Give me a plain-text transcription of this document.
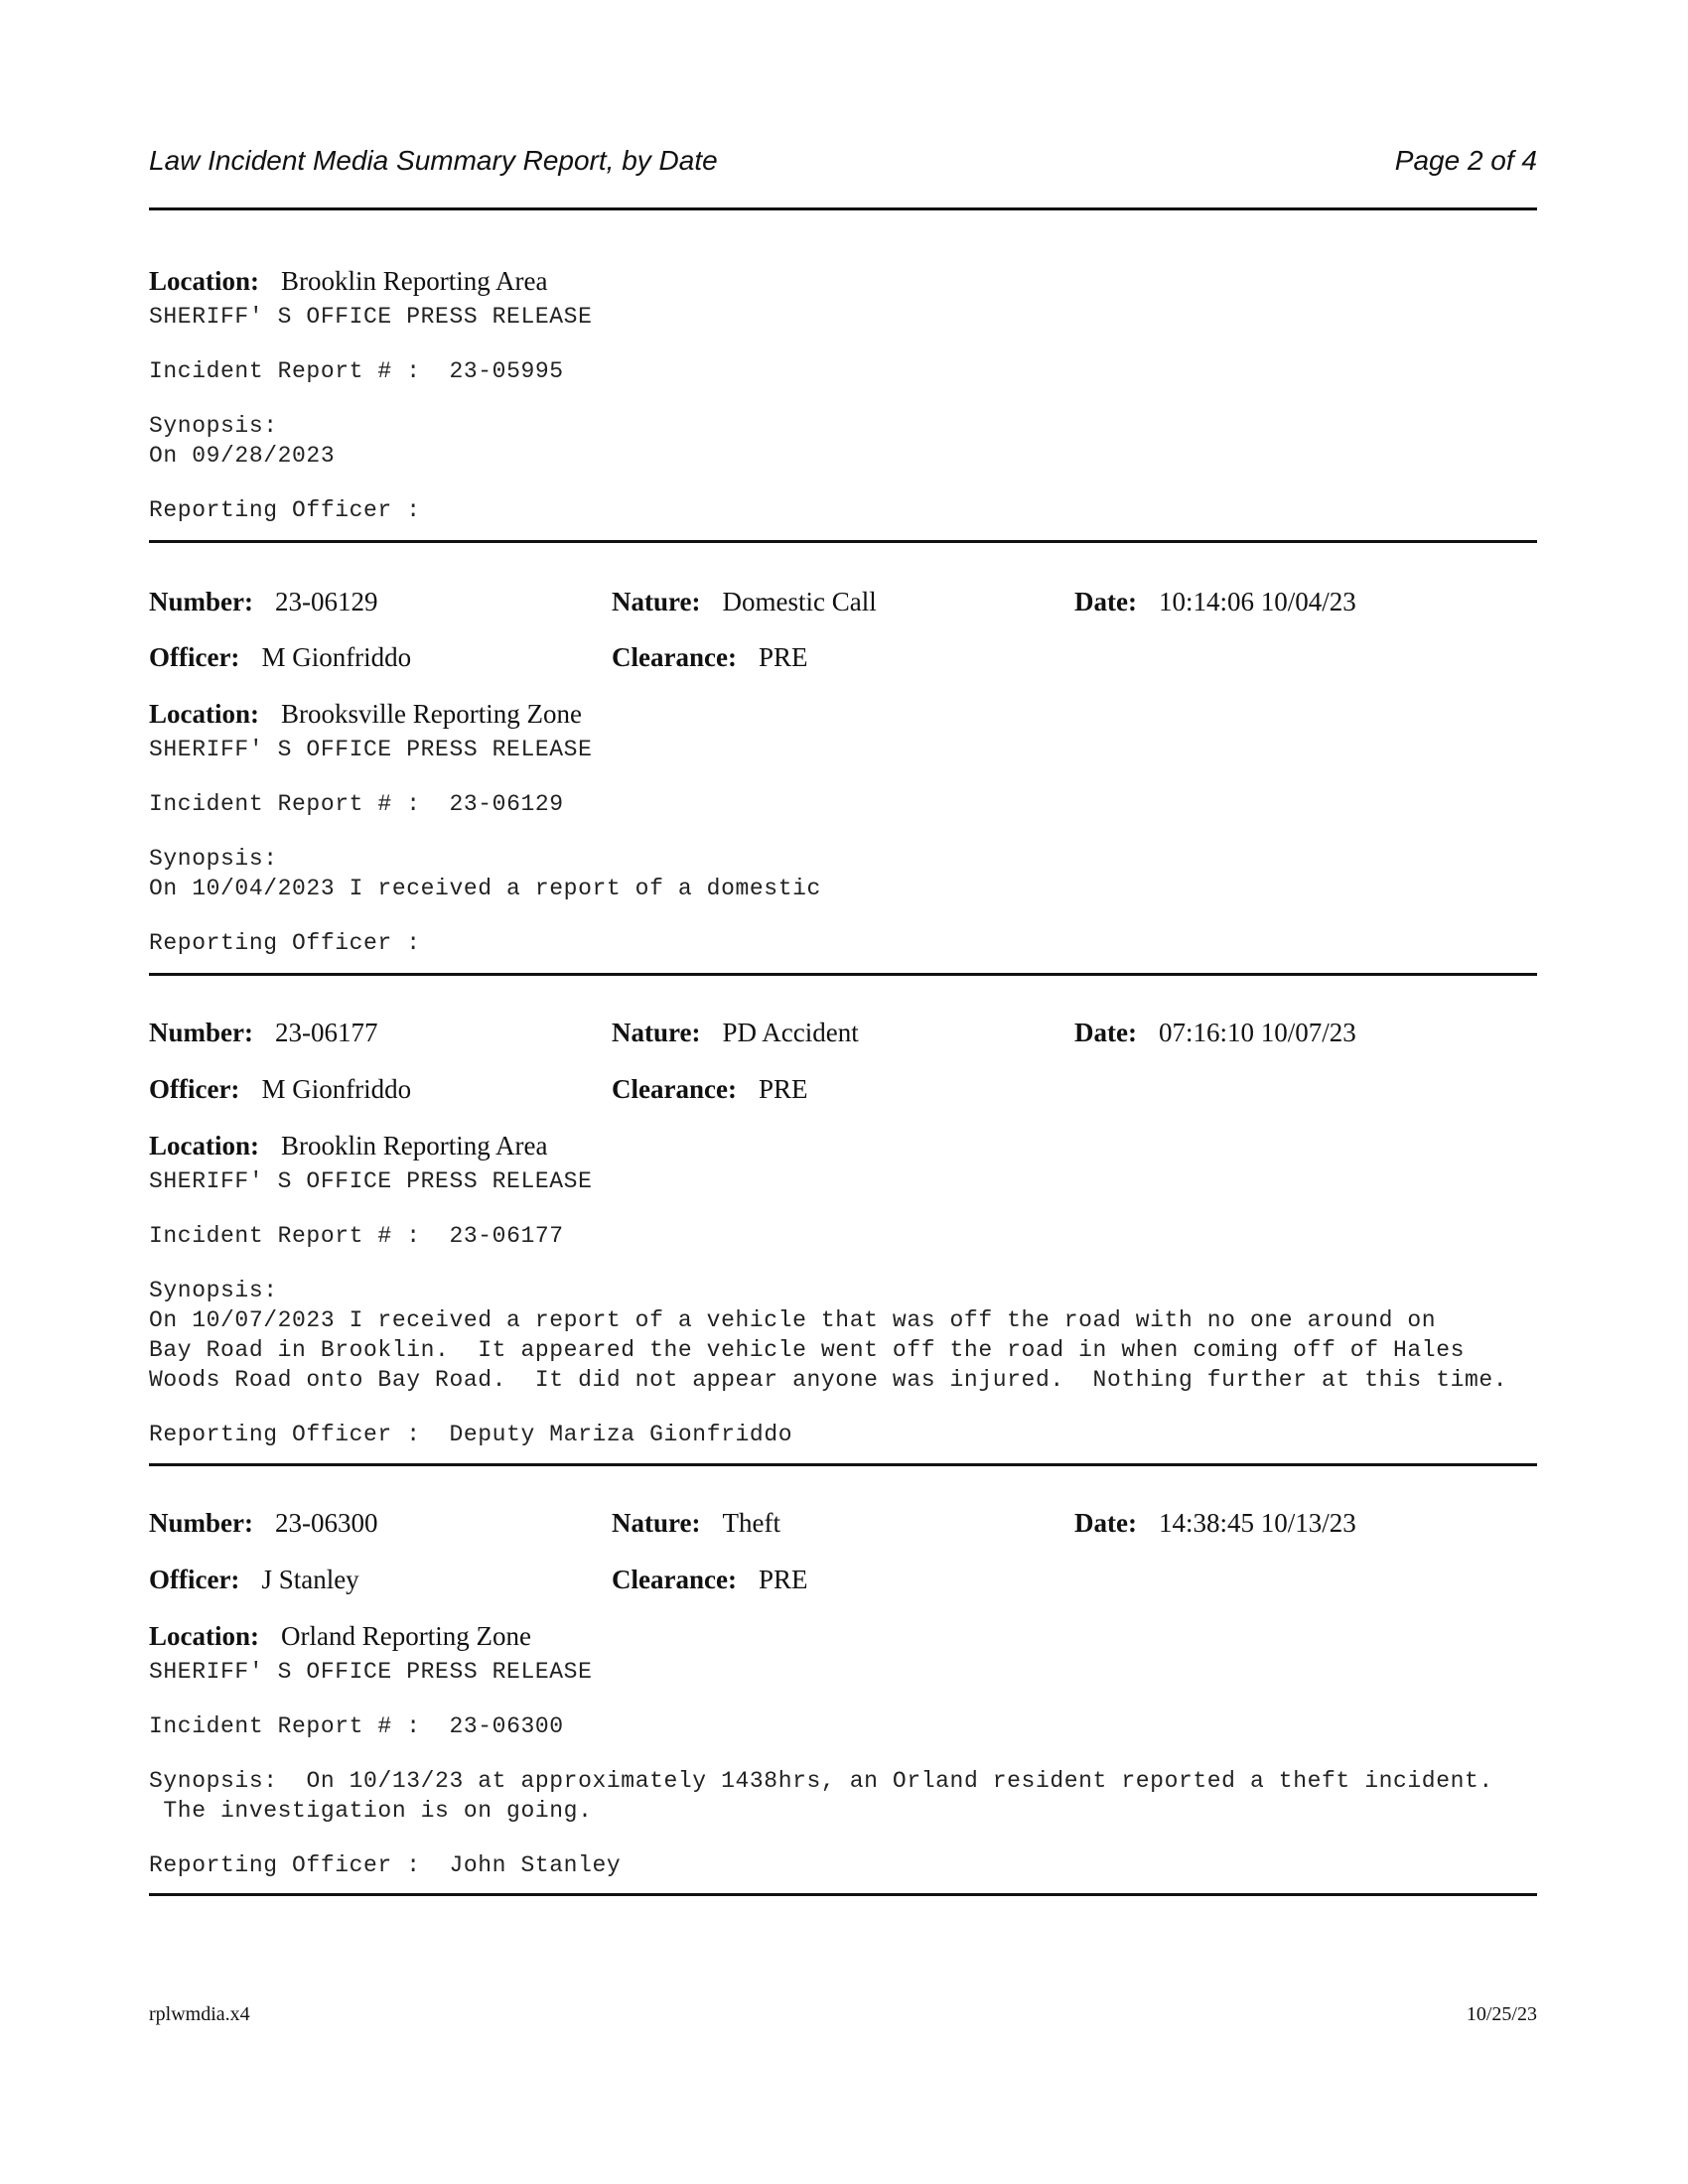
Law Incident Media Summary Report, by Date	Page 2 of 4
Location: Brooklin Reporting Area
SHERIFF' S OFFICE PRESS RELEASE
Incident Report # : 23-05995
Synopsis:
On 09/28/2023
Reporting Officer :
Number: 23-06129	Nature: Domestic Call	Date: 10:14:06 10/04/23
Officer: M Gionfriddo	Clearance: PRE
Location: Brooksville Reporting Zone
SHERIFF' S OFFICE PRESS RELEASE
Incident Report # : 23-06129
Synopsis:
On 10/04/2023 I received a report of a domestic
Reporting Officer :
Number: 23-06177	Nature: PD Accident	Date: 07:16:10 10/07/23
Officer: M Gionfriddo	Clearance: PRE
Location: Brooklin Reporting Area
SHERIFF' S OFFICE PRESS RELEASE
Incident Report # : 23-06177
Synopsis:
On 10/07/2023 I received a report of a vehicle that was off the road with no one around on
Bay Road in Brooklin.  It appeared the vehicle went off the road in when coming off of Hales
Woods Road onto Bay Road.  It did not appear anyone was injured.  Nothing further at this time.
Reporting Officer : Deputy Mariza Gionfriddo
Number: 23-06300	Nature: Theft	Date: 14:38:45 10/13/23
Officer: J Stanley	Clearance: PRE
Location: Orland Reporting Zone
SHERIFF' S OFFICE PRESS RELEASE
Incident Report # : 23-06300
Synopsis: On 10/13/23 at approximately 1438hrs, an Orland resident reported a theft incident.
The investigation is on going.
Reporting Officer : John Stanley
rplwmdia.x4	10/25/23
